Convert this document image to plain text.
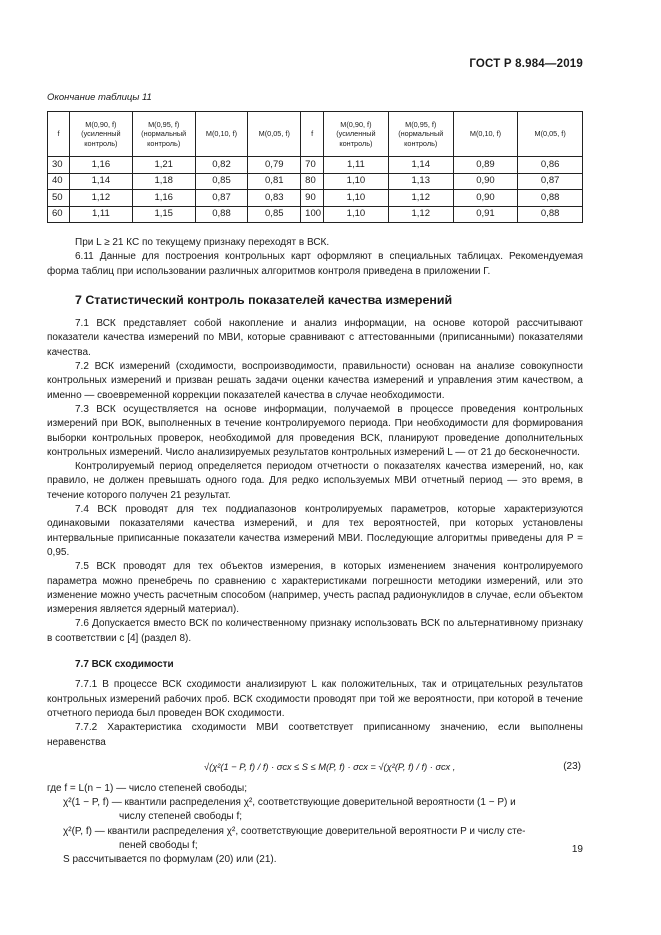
ГОСТ Р 8.984—2019
Окончание таблицы 11
f	M(0,90, f) (усиленный контроль)	M(0,95, f) (нормальный контроль)	M(0,10, f)	M(0,05, f)	f	M(0,90, f) (усиленный контроль)	M(0,95, f) (нормальный контроль)	M(0,10, f)	M(0,05, f)
30	1,16	1,21	0,82	0,79	70	1,11	1,14	0,89	0,86
40	1,14	1,18	0,85	0,81	80	1,10	1,13	0,90	0,87
50	1,12	1,16	0,87	0,83	90	1,10	1,12	0,90	0,88
60	1,11	1,15	0,88	0,85	100	1,10	1,12	0,91	0,88

При L ≥ 21 КС по текущему признаку переходят в ВСК.

6.11 Данные для построения контрольных карт оформляют в специальных таблицах. Рекомендуемая форма таблиц при использовании различных алгоритмов контроля приведена в приложении Г.

7 Статистический контроль показателей качества измерений

7.1 ВСК представляет собой накопление и анализ информации, на основе которой рассчитывают показатели качества измерений по МВИ, которые сравнивают с аттестованными (приписанными) показателями качества.

7.2 ВСК измерений (сходимости, воспроизводимости, правильности) основан на анализе совокупности контрольных измерений и призван решать задачи оценки качества измерений и управления этим качеством, а именно — своевременной коррекции показателей качества в случае необходимости.

7.3 ВСК осуществляется на основе информации, получаемой в процессе проведения контрольных измерений при ВОК, выполненных в течение контролируемого периода. При необходимости для формирования выборки контрольных проверок, необходимой для проведения ВСК, планируют проведение дополнительных контрольных измерений. Число анализируемых результатов контрольных измерений L — от 21 до бесконечности.

Контролируемый период определяется периодом отчетности о показателях качества измерений, но, как правило, не должен превышать одного года. Для редко используемых МВИ отчетный период — это время, в течение которого получен 21 результат.

7.4 ВСК проводят для тех поддиапазонов контролируемых параметров, которые характеризуются одинаковыми показателями качества измерений, и для тех вероятностей, при которых установлены интервальные приписанные показатели качества измерений МВИ. Последующие алгоритмы приведены для P = 0,95.

7.5 ВСК проводят для тех объектов измерения, в которых изменением значения контролируемого параметра можно пренебречь по сравнению с характеристиками погрешности методики измерений, или это изменение можно учесть расчетным способом (например, учесть распад радионуклидов в случае, если объектом измерения является ядерный материал).

7.6 Допускается вместо ВСК по количественному признаку использовать ВСК по альтернативному признаку в соответствии с [4] (раздел 8).

7.7 ВСК сходимости

7.7.1 В процессе ВСК сходимости анализируют L как положительных, так и отрицательных результатов контрольных измерений рабочих проб. ВСК сходимости проводят при той же вероятности, при которой в течение отчетного периода был проведен ВОК сходимости.

7.7.2 Характеристика сходимости МВИ соответствует приписанному значению, если выполнены неравенства

√(χ²(1 − P, f) / f) · σсх ≤ S ≤ M(P, f) · σсх = √(χ²(P, f) / f) · σсх ,	(23)

где f = L(n − 1) — число степеней свободы;

χ²(1 − P, f) — квантили распределения χ², соответствующие доверительной вероятности (1 − P) и

числу степеней свободы f;

χ²(P, f) — квантили распределения χ², соответствующие доверительной вероятности P и числу сте-

пеней свободы f;

S рассчитывается по формулам (20) или (21).

19
